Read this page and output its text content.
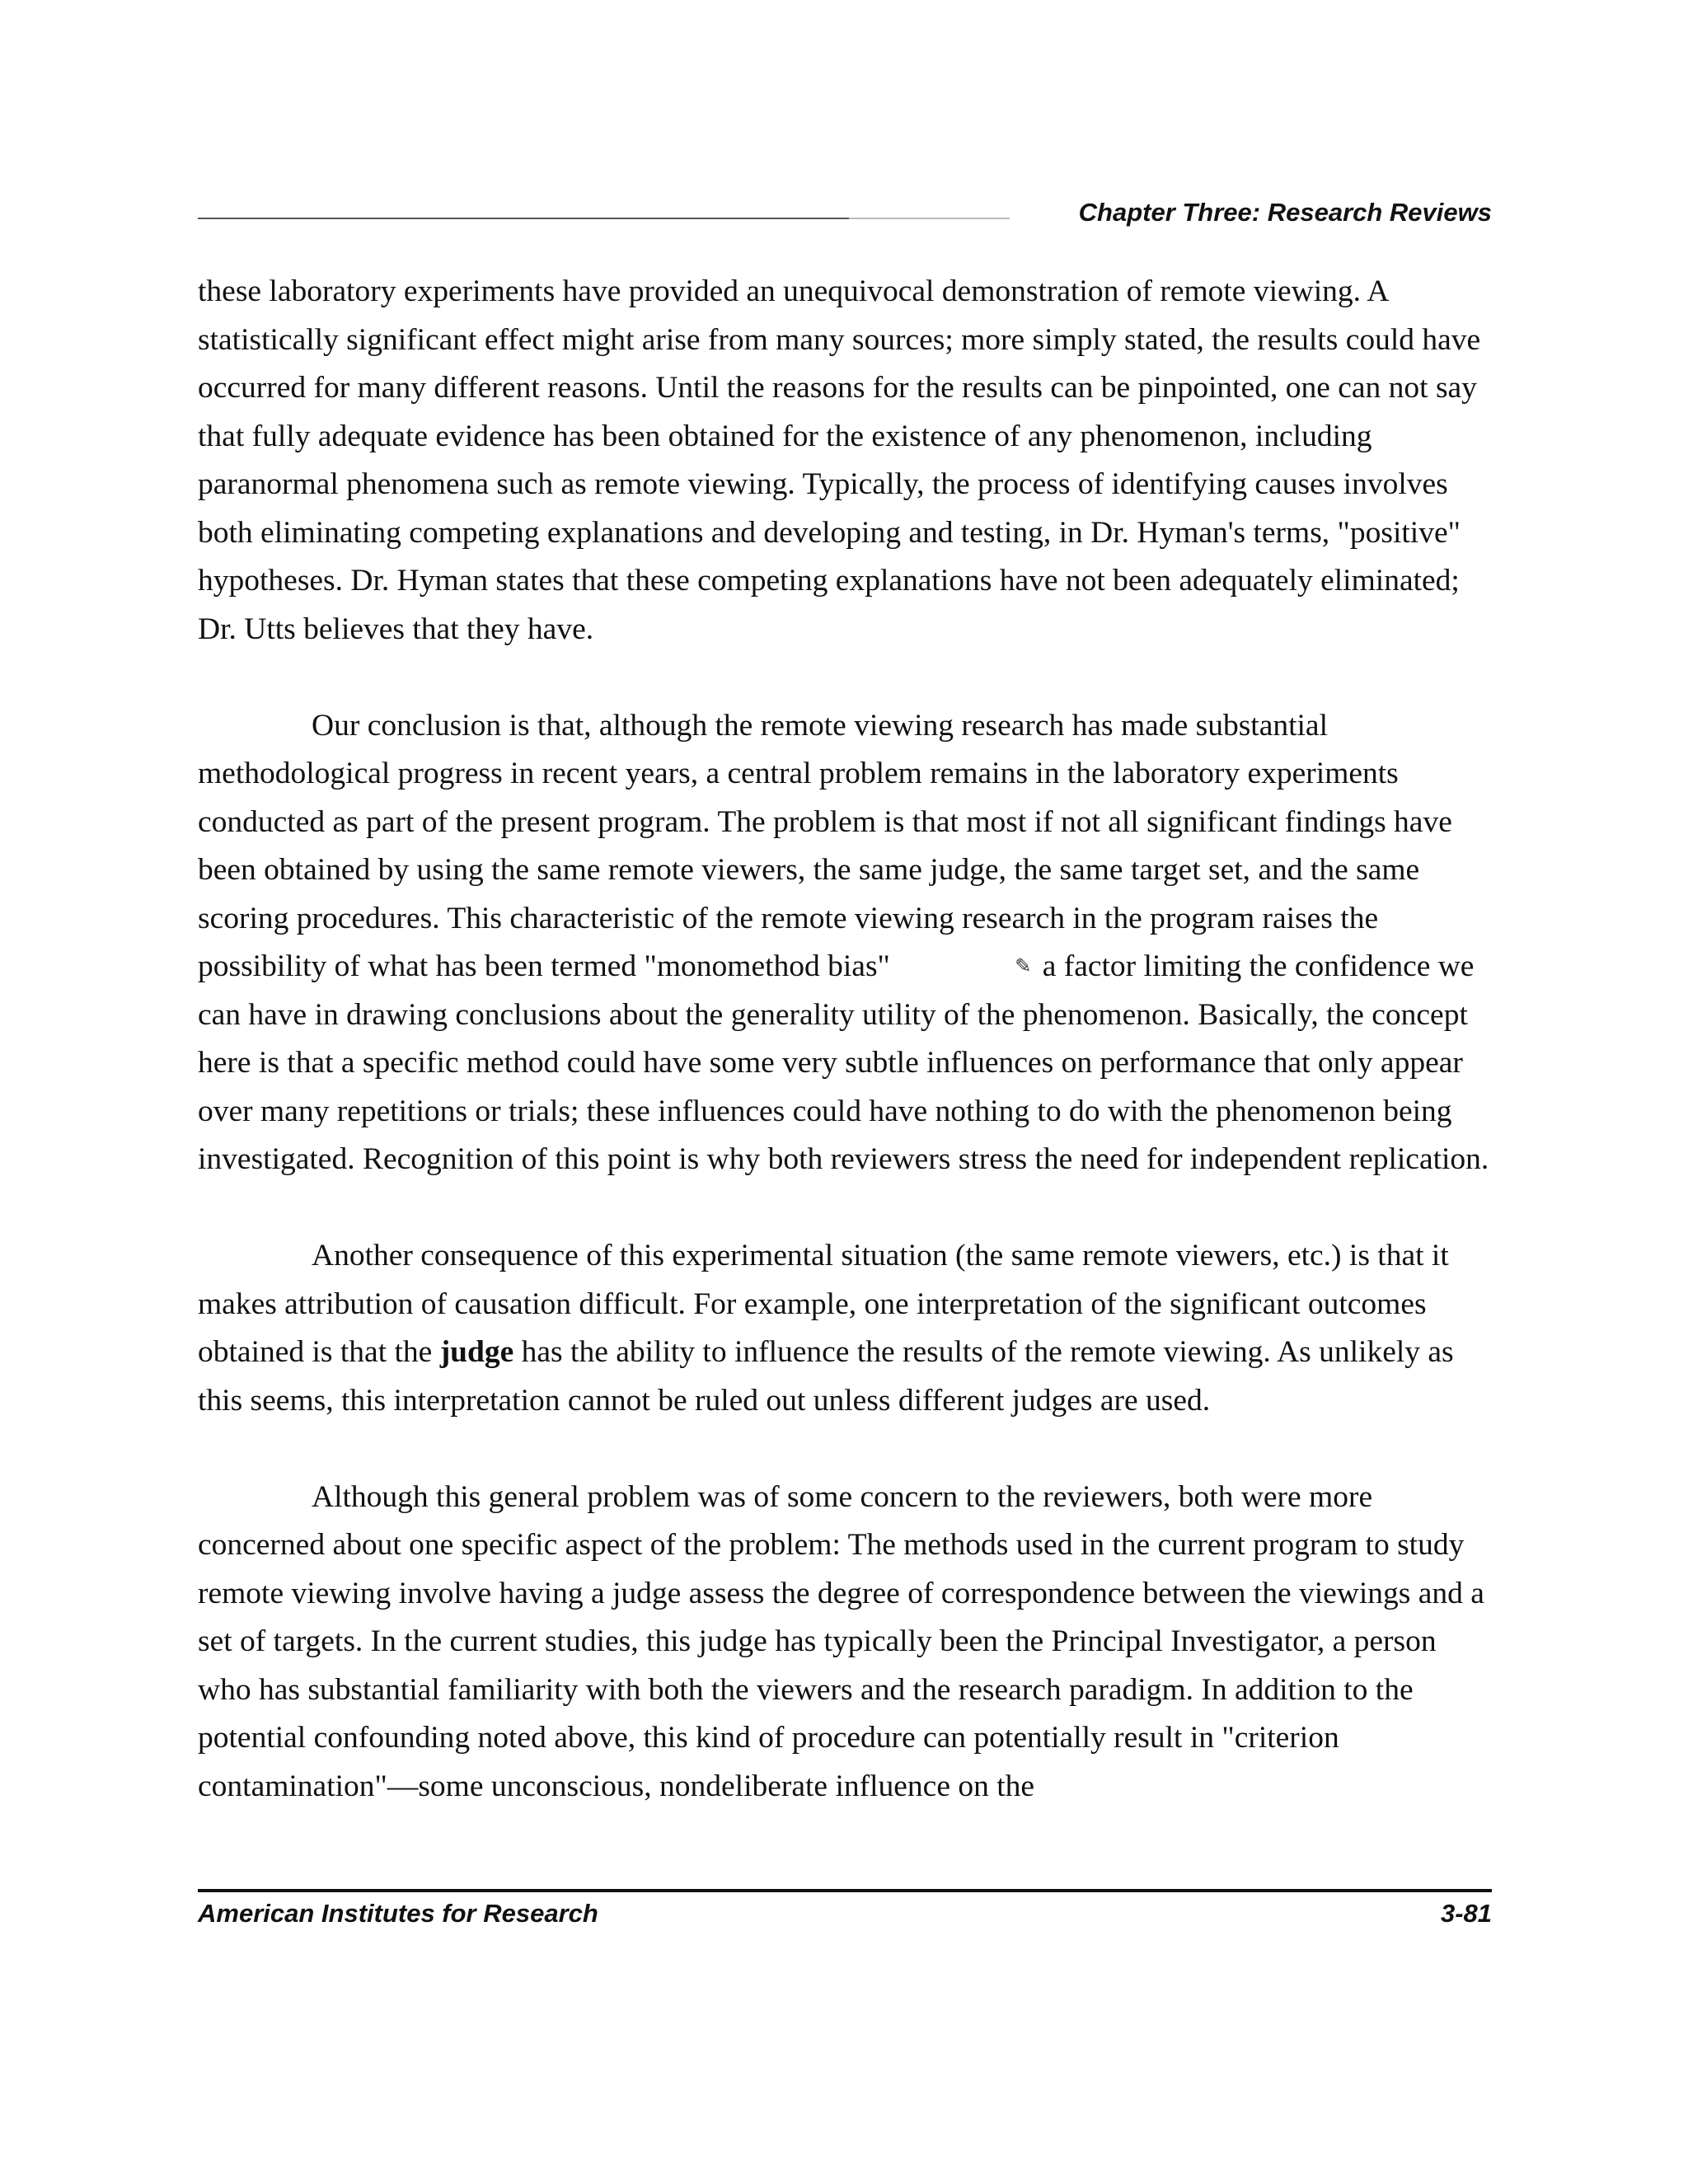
Chapter Three: Research Reviews

these laboratory experiments have provided an unequivocal demonstration of remote viewing. A statistically significant effect might arise from many sources; more simply stated, the results could have occurred for many different reasons. Until the reasons for the results can be pinpointed, one can not say that fully adequate evidence has been obtained for the existence of any phenomenon, including paranormal phenomena such as remote viewing. Typically, the process of identifying causes involves both eliminating competing explanations and developing and testing, in Dr. Hyman's terms, "positive" hypotheses. Dr. Hyman states that these competing explanations have not been adequately eliminated; Dr. Utts believes that they have.

Our conclusion is that, although the remote viewing research has made substantial methodological progress in recent years, a central problem remains in the laboratory experiments conducted as part of the present program. The problem is that most if not all significant findings have been obtained by using the same remote viewers, the same judge, the same target set, and the same scoring procedures. This characteristic of the remote viewing research in the program raises the possibility of what has been termed "monomethod bias"	✎ a factor limiting the confidence we can have in drawing conclusions about the generality utility of the phenomenon. Basically, the concept here is that a specific method could have some very subtle influences on performance that only appear over many repetitions or trials; these influences could have nothing to do with the phenomenon being investigated. Recognition of this point is why both reviewers stress the need for independent replication.

Another consequence of this experimental situation (the same remote viewers, etc.) is that it makes attribution of causation difficult. For example, one interpretation of the significant outcomes obtained is that the judge has the ability to influence the results of the remote viewing. As unlikely as this seems, this interpretation cannot be ruled out unless different judges are used.

Although this general problem was of some concern to the reviewers, both were more concerned about one specific aspect of the problem: The methods used in the current program to study remote viewing involve having a judge assess the degree of correspondence between the viewings and a set of targets. In the current studies, this judge has typically been the Principal Investigator, a person who has substantial familiarity with both the viewers and the research paradigm. In addition to the potential confounding noted above, this kind of procedure can potentially result in "criterion contamination"—some unconscious, nondeliberate influence on the

American Institutes for Research	3-81
